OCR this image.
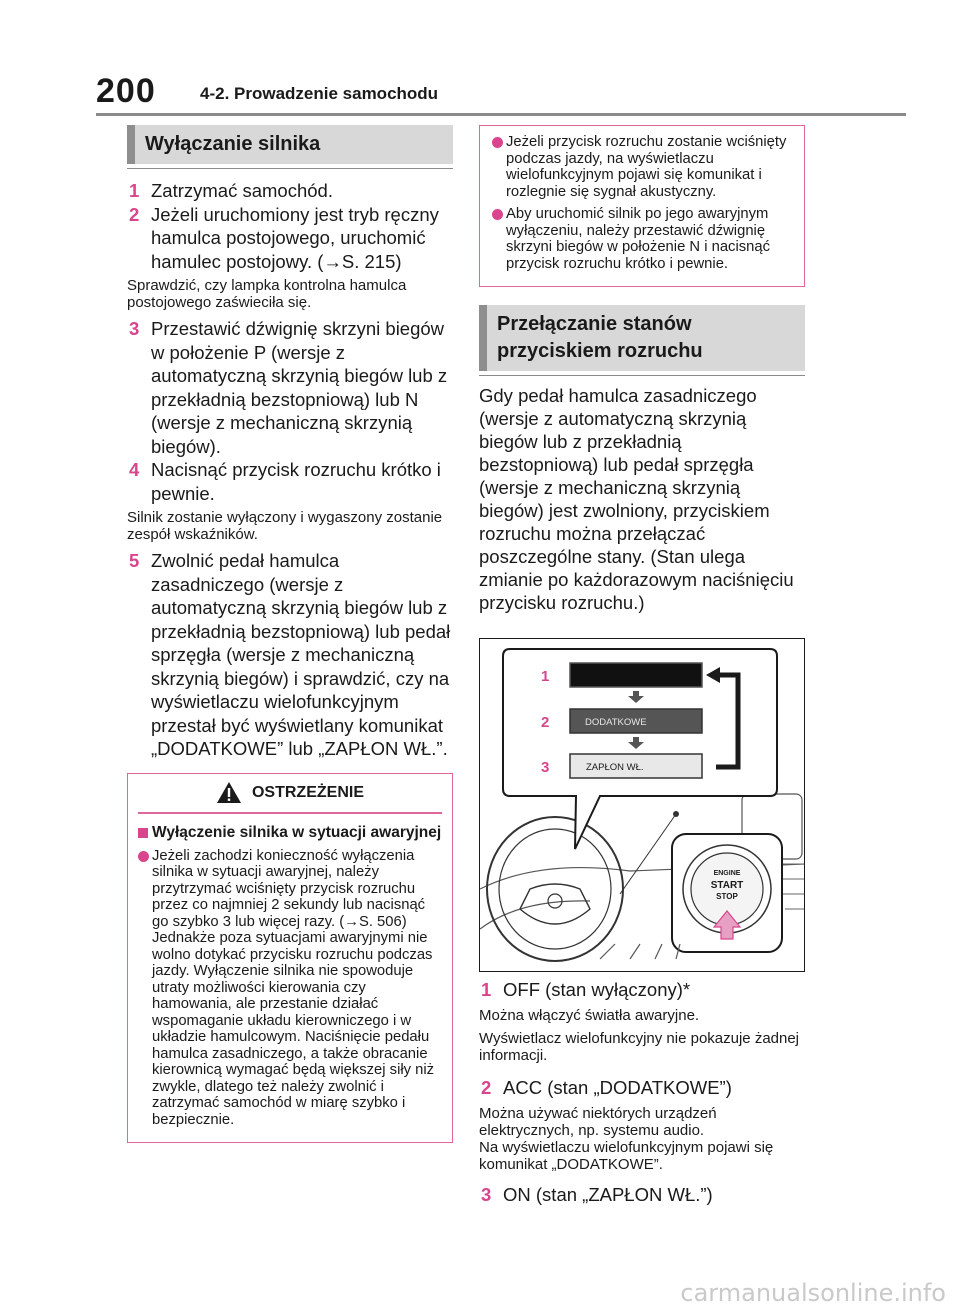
200	4-2. Prowadzenie samochodu
Wyłączanie silnika
1 Zatrzymać samochód.
2 Jeżeli uruchomiony jest tryb ręczny hamulca postojowego, uruchomić hamulec postojowy. (→S. 215)
Sprawdzić, czy lampka kontrolna hamulca postojowego zaświeciła się.
3 Przestawić dźwignię skrzyni biegów w położenie P (wersje z automatyczną skrzynią biegów lub z przekładnią bezstopniową) lub N (wersje z mechaniczną skrzynią biegów).
4 Nacisnąć przycisk rozruchu krótko i pewnie.
Silnik zostanie wyłączony i wygaszony zostanie zespół wskaźników.
5 Zwolnić pedał hamulca zasadniczego (wersje z automatyczną skrzynią biegów lub z przekładnią bezstopniową) lub pedał sprzęgła (wersje z mechaniczną skrzynią biegów) i sprawdzić, czy na wyświetlaczu wielofunkcyjnym przestał być wyświetlany komunikat „DODATKOWE” lub „ZAPŁON WŁ.”.
OSTRZEŻENIE
Wyłączenie silnika w sytuacji awaryjnej
Jeżeli zachodzi konieczność wyłączenia silnika w sytuacji awaryjnej, należy przytrzymać wciśnięty przycisk rozruchu przez co najmniej 2 sekundy lub nacisnąć go szybko 3 lub więcej razy. (→S. 506)
Jednakże poza sytuacjami awaryjnymi nie wolno dotykać przycisku rozruchu podczas jazdy. Wyłączenie silnika nie spowoduje utraty możliwości kierowania czy hamowania, ale przestanie działać wspomaganie układu kierowniczego i w układzie hamulcowym. Naciśnięcie pedału hamulca zasadniczego, a także obracanie kierownicą wymagać będą większej siły niż zwykle, dlatego też należy zwolnić i zatrzymać samochód w miarę szybko i bezpiecznie.
Jeżeli przycisk rozruchu zostanie wciśnięty podczas jazdy, na wyświetlaczu wielofunkcyjnym pojawi się komunikat i rozlegnie się sygnał akustyczny.
Aby uruchomić silnik po jego awaryjnym wyłączeniu, należy przestawić dźwignię skrzyni biegów w położenie N i nacisnąć przycisk rozruchu krótko i pewnie.
Przełączanie stanów przyciskiem rozruchu
Gdy pedał hamulca zasadniczego (wersje z automatyczną skrzynią biegów lub z przekładnią bezstopniową) lub pedał sprzęgła (wersje z mechaniczną skrzynią biegów) jest zwolniony, przyciskiem rozruchu można przełączać poszczególne stany. (Stan ulega zmianie po każdorazowym naciśnięciu przycisku rozruchu.)
DODATKOWE
ZAPŁON WŁ.
1
2
3
ENGINE
START
STOP
1 OFF (stan wyłączony)*
Można włączyć światła awaryjne.
Wyświetlacz wielofunkcyjny nie pokazuje żadnej informacji.
2 ACC (stan „DODATKOWE”)
Można używać niektórych urządzeń elektrycznych, np. systemu audio.
Na wyświetlaczu wielofunkcyjnym pojawi się komunikat „DODATKOWE”.
3 ON (stan „ZAPŁON WŁ.”)
carmanualsonline.info
